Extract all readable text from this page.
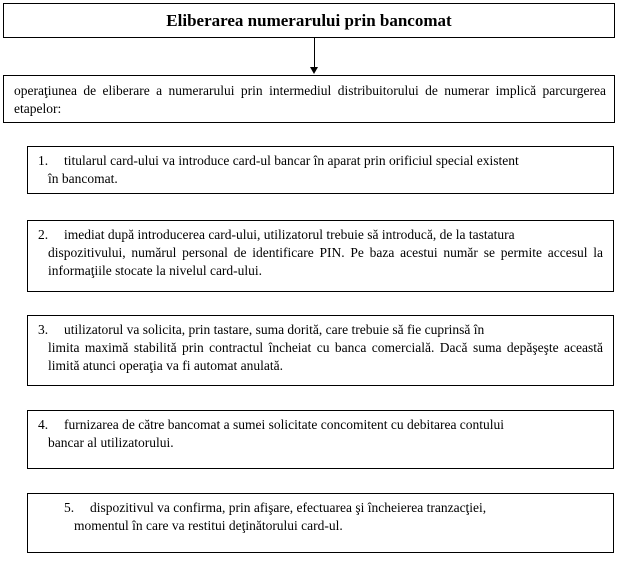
Eliberarea numerarului prin bancomat
operaţiunea de eliberare a numerarului prin intermediul distribuitorului de numerar implică parcurgerea etapelor:

1. titularul card-ului va introduce card-ul bancar în aparat prin orificiul special existent

în bancomat.

2. imediat după introducerea card-ului, utilizatorul trebuie să introducă, de la tastatura

dispozitivului, numărul personal de identificare PIN. Pe baza acestui număr se permite accesul la informaţiile stocate la nivelul card-ului.

3. utilizatorul va solicita, prin tastare, suma dorită, care trebuie să fie cuprinsă în

limita maximă stabilită prin contractul încheiat cu banca comercială. Dacă suma depăşeşte această limită atunci operaţia va fi automat anulată.

4. furnizarea de către bancomat a sumei solicitate concomitent cu debitarea contului

bancar al utilizatorului.

5. dispozitivul va confirma, prin afişare, efectuarea şi încheierea tranzacţiei,

momentul în care va restitui deţinătorului card-ul.
